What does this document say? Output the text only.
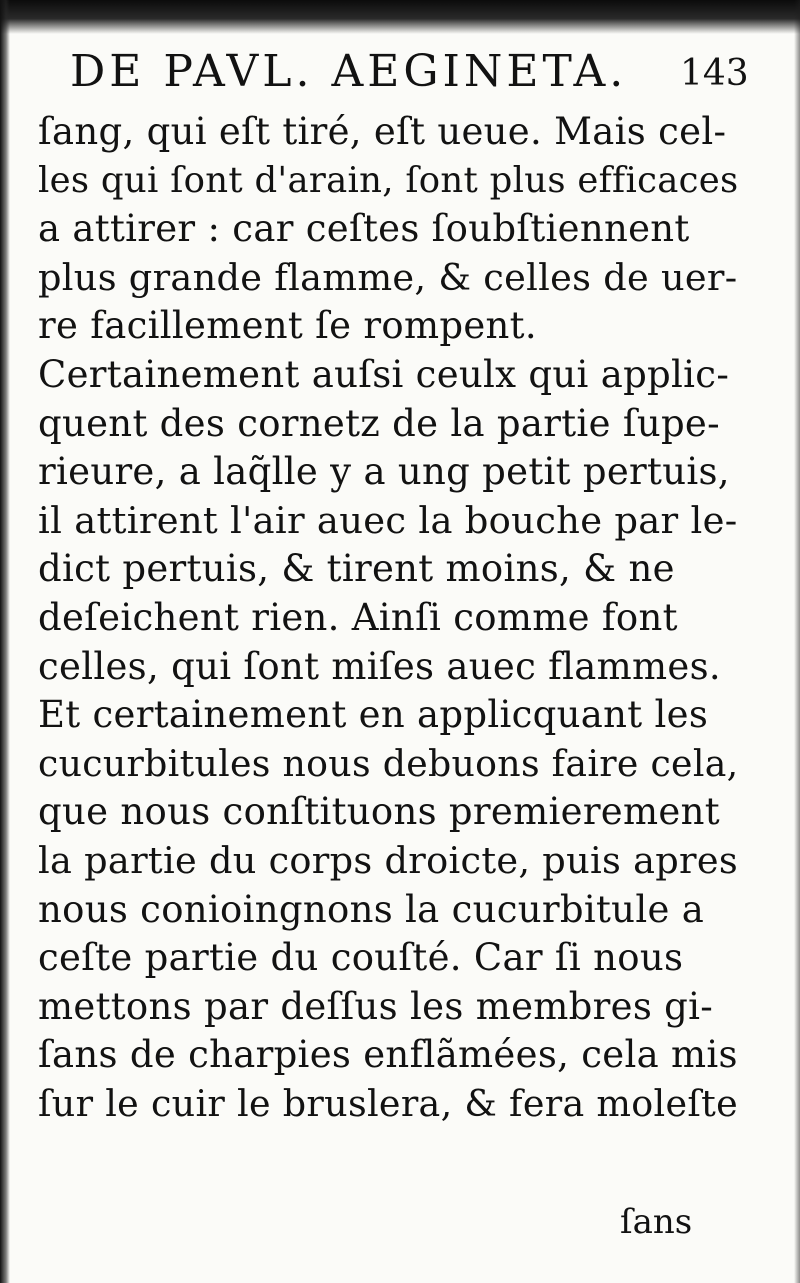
DE PAVL. AEGINETA. 143
ſang, qui eſt tiré, eſt ueue. Mais cel-
les qui ſont d'arain, ſont plus efficaces
a attirer : car ceſtes ſoubſtiennent
plus grande flamme, & celles de uer-
re facillement ſe rompent.
Certainement auſsi ceulx qui applic-
quent des cornetz de la partie ſupe-
rieure, a laq̃lle y a ung petit pertuis,
il attirent l'air auec la bouche par le-
dict pertuis, & tirent moins, & ne
deſeichent rien. Ainſi comme font
celles, qui ſont miſes auec flammes.
Et certainement en applicquant les
cucurbitules nous debuons faire cela,
que nous conſtituons premierement
la partie du corps droicte, puis apres
nous conioingnons la cucurbitule a
ceſte partie du couſté. Car ſi nous
mettons par deſſus les membres gi-
ſans de charpies enflãmées, cela mis
ſur le cuir le bruslera, & fera moleſte
ſans
